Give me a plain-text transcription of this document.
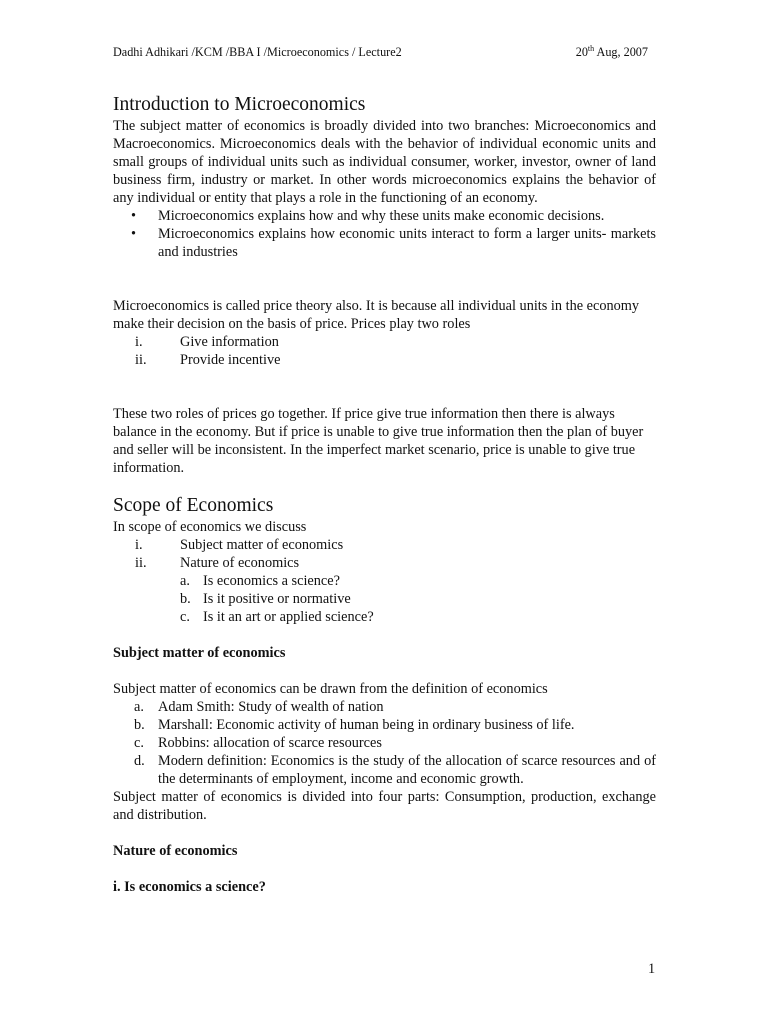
Dadhi Adhikari /KCM /BBA I /Microeconomics / Lecture2	20th Aug, 2007
Introduction to Microeconomics

The subject matter of economics is broadly divided into two branches: Microeconomics and Macroeconomics. Microeconomics deals with the behavior of individual economic units and small groups of individual units such as individual consumer, worker, investor, owner of land business firm, industry or market. In other words microeconomics explains the behavior of any individual or entity that plays a role in the functioning of an economy.

• Microeconomics explains how and why these units make economic decisions.
• Microeconomics explains how economic units interact to form a larger units- markets and industries

Microeconomics is called price theory also. It is because all individual units in the economy make their decision on the basis of price. Prices play two roles

i.	Give information
ii. Provide incentive

These two roles of prices go together. If price give true information then there is always balance in the economy. But if price is unable to give true information then the plan of buyer and seller will be inconsistent. In the imperfect market scenario, price is unable to give true information.

Scope of Economics

In scope of economics we discuss

i.	Subject matter of economics
ii. Nature of economics
a. Is economics a science?
b. Is it positive or normative
c. Is it an art or applied science?
Subject matter of economics

Subject matter of economics can be drawn from the definition of economics

a. Adam Smith: Study of wealth of nation
b. Marshall: Economic activity of human being in ordinary business of life.
c. Robbins: allocation of scarce resources
d. Modern definition: Economics is the study of the allocation of scarce resources and of the determinants of employment, income and economic growth.

Subject matter of economics is divided into four parts: Consumption, production, exchange and distribution.

Nature of economics
i. Is economics a science?
1
